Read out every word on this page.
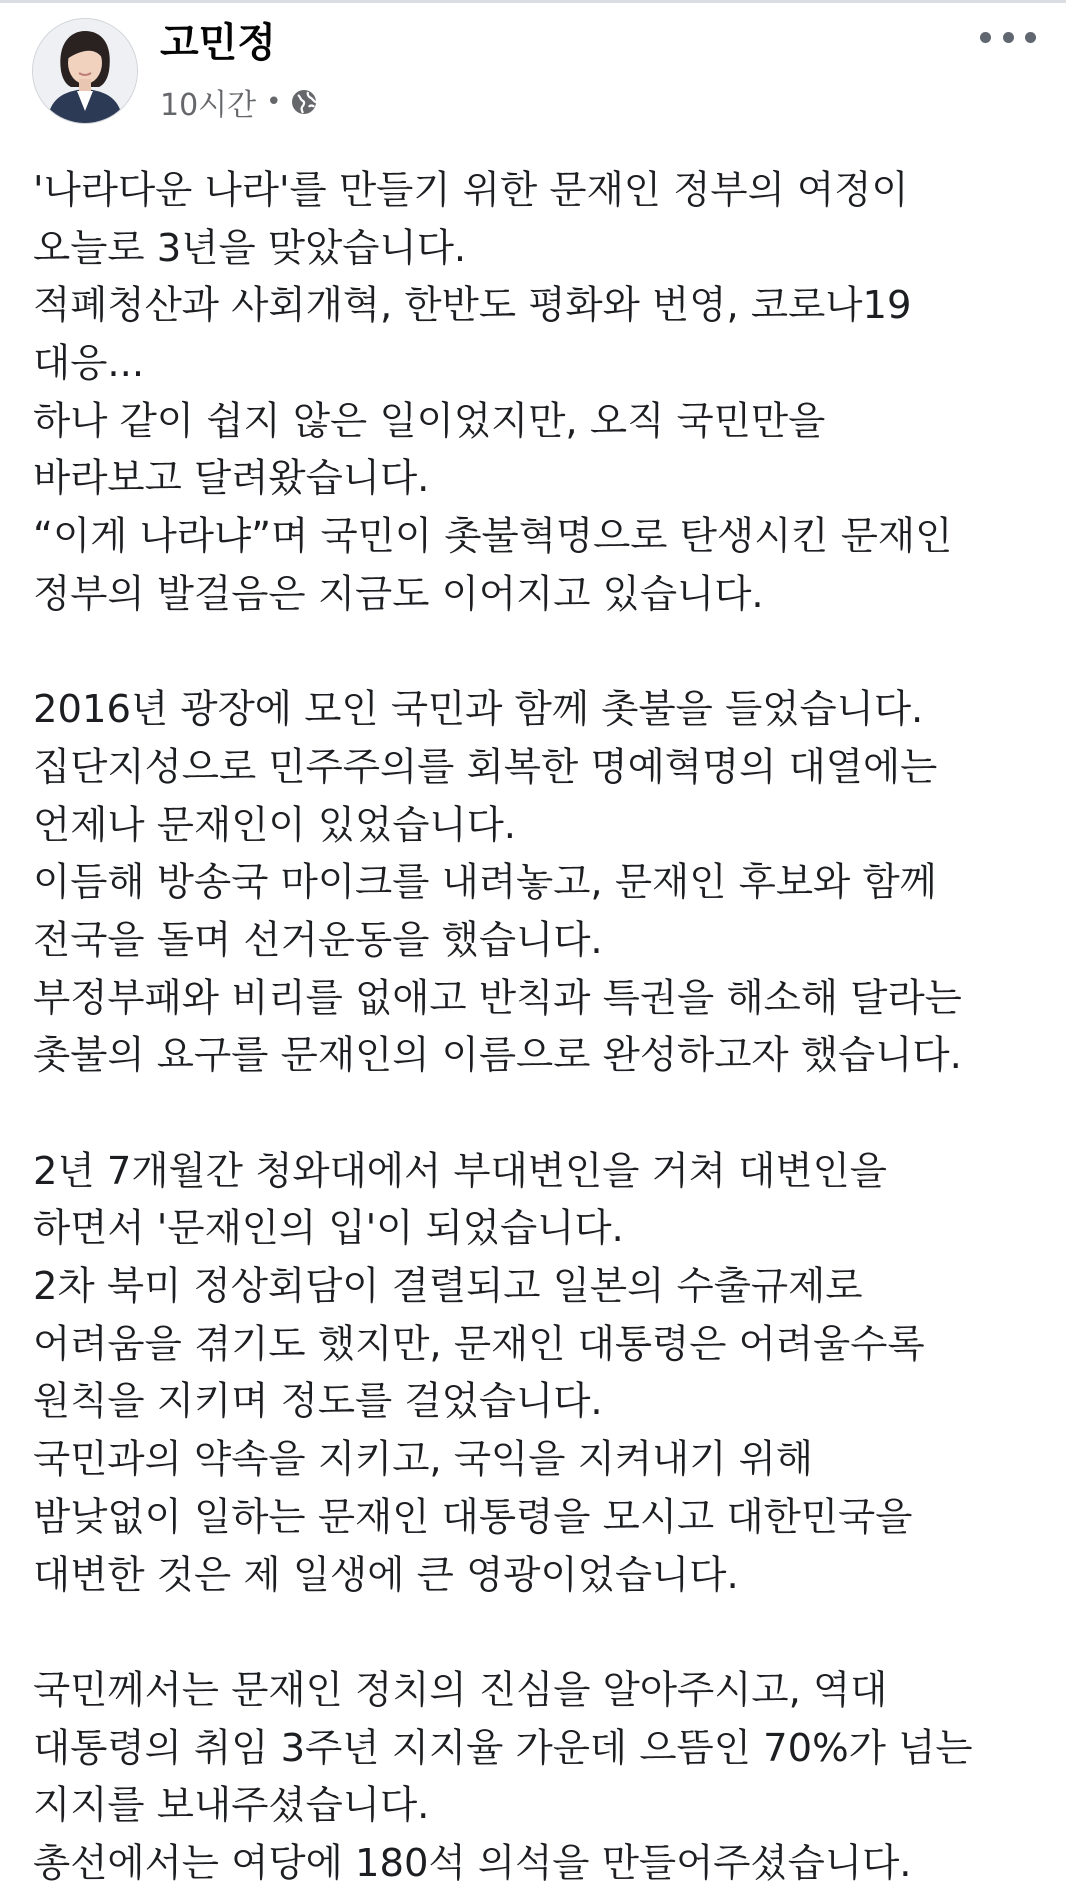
고민정
10시간 •
'나라다운 나라'를 만들기 위한 문재인 정부의 여정이
오늘로 3년을 맞았습니다.
적폐청산과 사회개혁, 한반도 평화와 번영, 코로나19
대응...
하나 같이 쉽지 않은 일이었지만, 오직 국민만을
바라보고 달려왔습니다.
“이게 나라냐”며 국민이 촛불혁명으로 탄생시킨 문재인
정부의 발걸음은 지금도 이어지고 있습니다.
2016년 광장에 모인 국민과 함께 촛불을 들었습니다.
집단지성으로 민주주의를 회복한 명예혁명의 대열에는
언제나 문재인이 있었습니다.
이듬해 방송국 마이크를 내려놓고, 문재인 후보와 함께
전국을 돌며 선거운동을 했습니다.
부정부패와 비리를 없애고 반칙과 특권을 해소해 달라는
촛불의 요구를 문재인의 이름으로 완성하고자 했습니다.
2년 7개월간 청와대에서 부대변인을 거쳐 대변인을
하면서 '문재인의 입'이 되었습니다.
2차 북미 정상회담이 결렬되고 일본의 수출규제로
어려움을 겪기도 했지만, 문재인 대통령은 어려울수록
원칙을 지키며 정도를 걸었습니다.
국민과의 약속을 지키고, 국익을 지켜내기 위해
밤낮없이 일하는 문재인 대통령을 모시고 대한민국을
대변한 것은 제 일생에 큰 영광이었습니다.
국민께서는 문재인 정치의 진심을 알아주시고, 역대
대통령의 취임 3주년 지지율 가운데 으뜸인 70%가 넘는
지지를 보내주셨습니다.
총선에서는 여당에 180석 의석을 만들어주셨습니다.
